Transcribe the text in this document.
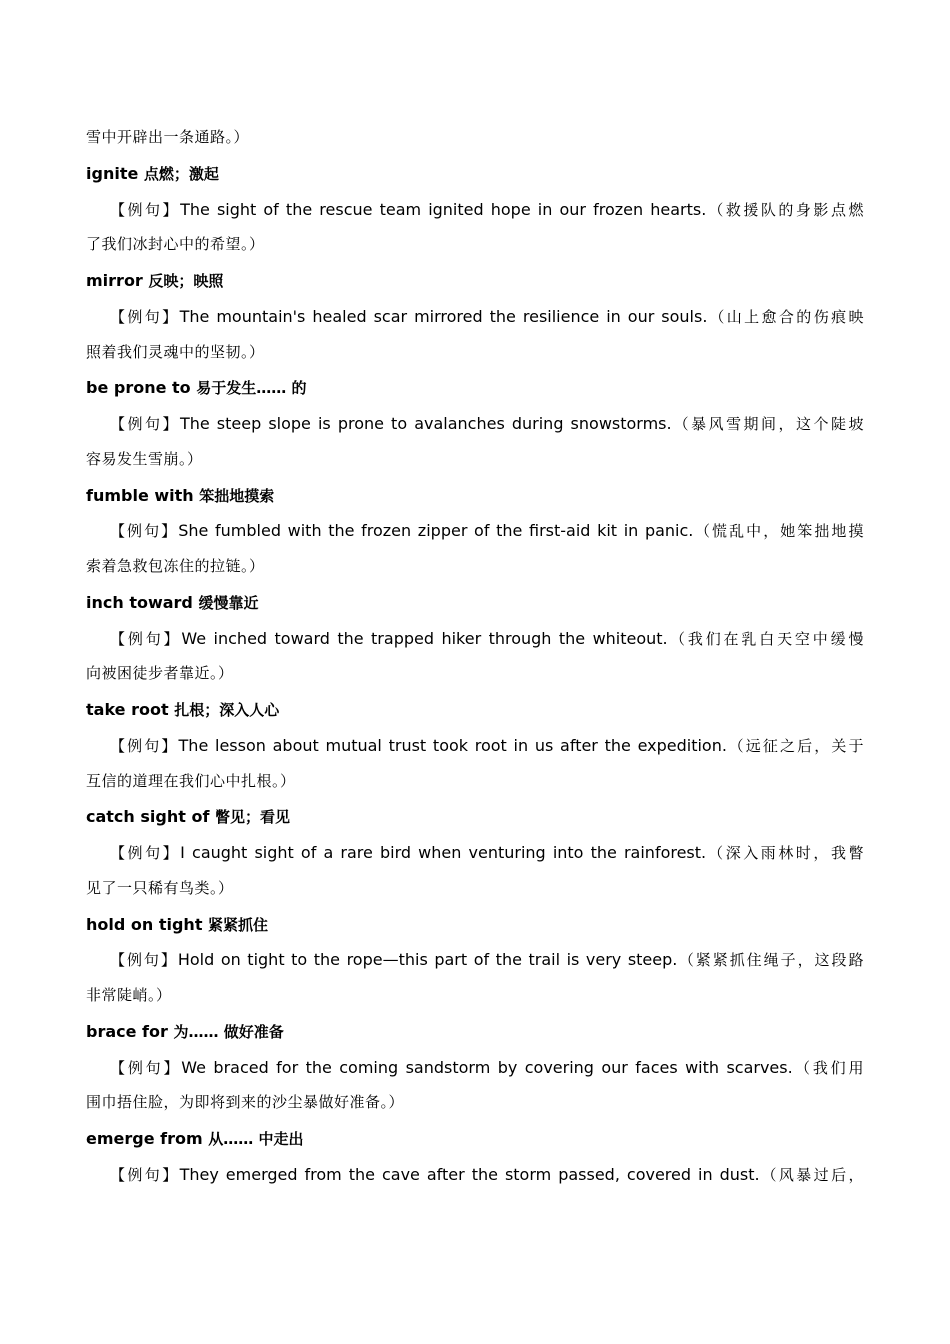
雪中开辟出一条通路。）
ignite 点燃；激起
【例句】The sight of the rescue team ignited hope in our frozen hearts.（救援队的身影点燃
了我们冰封心中的希望。）
mirror 反映；映照
【例句】The mountain's healed scar mirrored the resilience in our souls.（山上愈合的伤痕映
照着我们灵魂中的坚韧。）
be prone to 易于发生…… 的
【例句】The steep slope is prone to avalanches during snowstorms.（暴风雪期间，这个陡坡
容易发生雪崩。）
fumble with 笨拙地摸索
【例句】She fumbled with the frozen zipper of the first-aid kit in panic.（慌乱中，她笨拙地摸
索着急救包冻住的拉链。）
inch toward 缓慢靠近
【例句】We inched toward the trapped hiker through the whiteout.（我们在乳白天空中缓慢
向被困徒步者靠近。）
take root 扎根；深入人心
【例句】The lesson about mutual trust took root in us after the expedition.（远征之后，关于
互信的道理在我们心中扎根。）
catch sight of 瞥见；看见
【例句】I caught sight of a rare bird when venturing into the rainforest.（深入雨林时，我瞥
见了一只稀有鸟类。）
hold on tight 紧紧抓住
【例句】Hold on tight to the rope—this part of the trail is very steep.（紧紧抓住绳子，这段路
非常陡峭。）
brace for 为…… 做好准备
【例句】We braced for the coming sandstorm by covering our faces with scarves.（我们用
围巾捂住脸，为即将到来的沙尘暴做好准备。）
emerge from 从…… 中走出
【例句】They emerged from the cave after the storm passed, covered in dust.（风暴过后，
